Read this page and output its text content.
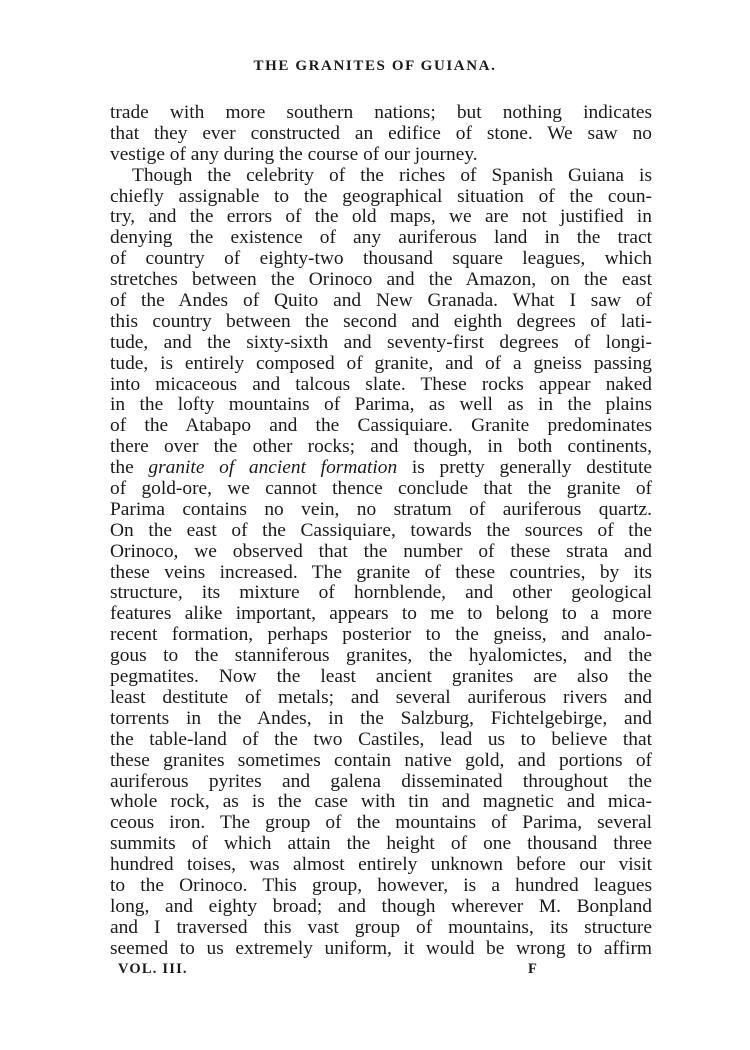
THE GRANITES OF GUIANA.
trade with more southern nations; but nothing indicates
that they ever constructed an edifice of stone. We saw no
vestige of any during the course of our journey.
Though the celebrity of the riches of Spanish Guiana is
chiefly assignable to the geographical situation of the coun-
try, and the errors of the old maps, we are not justified in
denying the existence of any auriferous land in the tract
of country of eighty-two thousand square leagues, which
stretches between the Orinoco and the Amazon, on the east
of the Andes of Quito and New Granada. What I saw of
this country between the second and eighth degrees of lati-
tude, and the sixty-sixth and seventy-first degrees of longi-
tude, is entirely composed of granite, and of a gneiss passing
into micaceous and talcous slate. These rocks appear naked
in the lofty mountains of Parima, as well as in the plains
of the Atabapo and the Cassiquiare. Granite predominates
there over the other rocks; and though, in both continents,
the granite of ancient formation is pretty generally destitute
of gold-ore, we cannot thence conclude that the granite of
Parima contains no vein, no stratum of auriferous quartz.
On the east of the Cassiquiare, towards the sources of the
Orinoco, we observed that the number of these strata and
these veins increased. The granite of these countries, by its
structure, its mixture of hornblende, and other geological
features alike important, appears to me to belong to a more
recent formation, perhaps posterior to the gneiss, and analo-
gous to the stanniferous granites, the hyalomictes, and the
pegmatites. Now the least ancient granites are also the
least destitute of metals; and several auriferous rivers and
torrents in the Andes, in the Salzburg, Fichtelgebirge, and
the table-land of the two Castiles, lead us to believe that
these granites sometimes contain native gold, and portions of
auriferous pyrites and galena disseminated throughout the
whole rock, as is the case with tin and magnetic and mica-
ceous iron. The group of the mountains of Parima, several
summits of which attain the height of one thousand three
hundred toises, was almost entirely unknown before our visit
to the Orinoco. This group, however, is a hundred leagues
long, and eighty broad; and though wherever M. Bonpland
and I traversed this vast group of mountains, its structure
seemed to us extremely uniform, it would be wrong to affirm
VOL. III.	F
